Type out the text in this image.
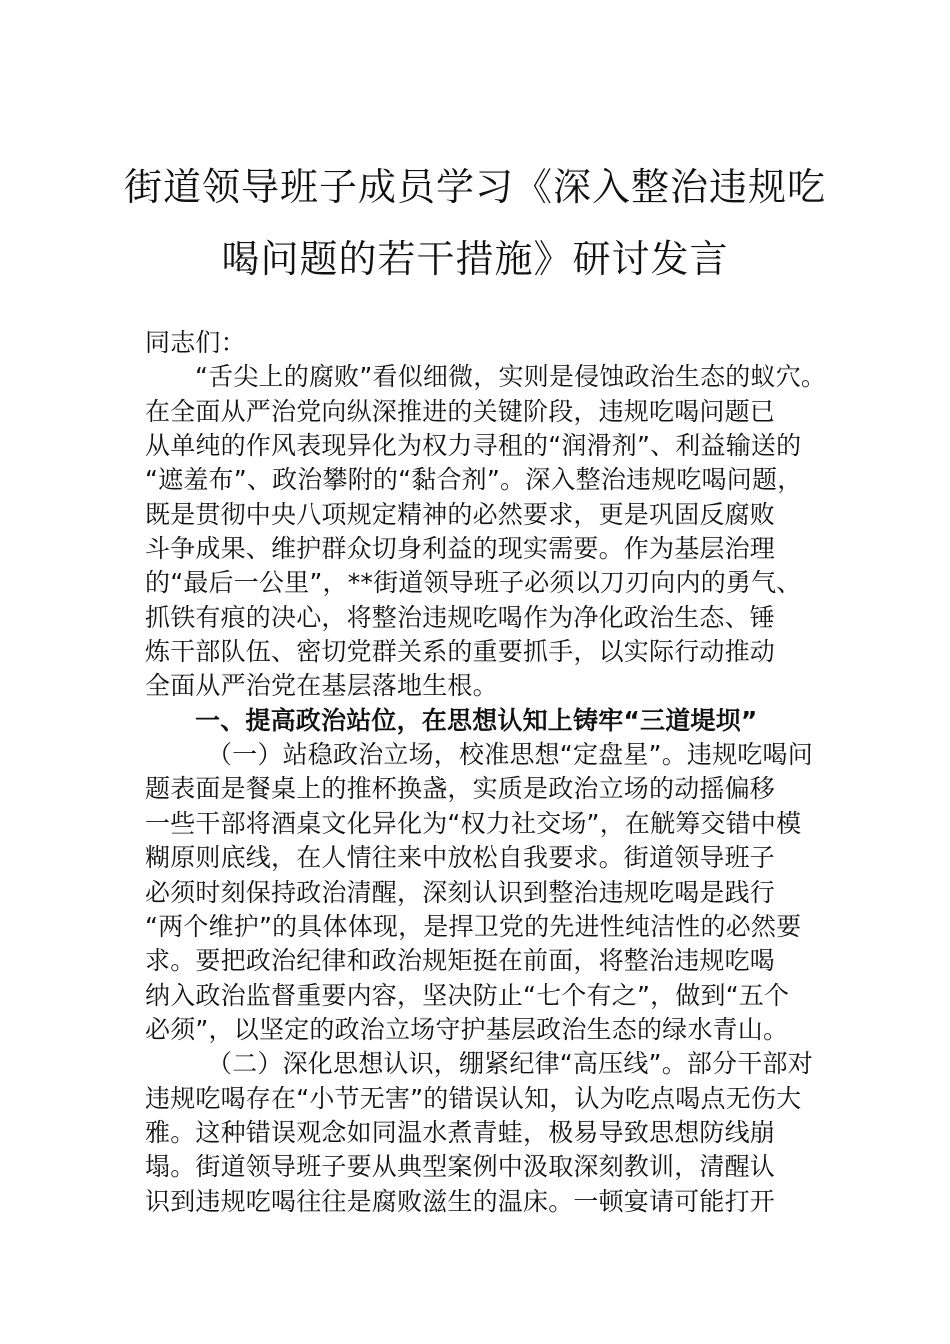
街道领导班子成员学习《深入整治违规吃
喝问题的若干措施》研讨发言
同志们：
“舌尖上的腐败”看似细微，实则是侵蚀政治生态的蚁穴。
在全面从严治党向纵深推进的关键阶段，违规吃喝问题已
从单纯的作风表现异化为权力寻租的“润滑剂”、利益输送的
“遮羞布”、政治攀附的“黏合剂”。深入整治违规吃喝问题，
既是贯彻中央八项规定精神的必然要求，更是巩固反腐败
斗争成果、维护群众切身利益的现实需要。作为基层治理
的“最后一公里”，**街道领导班子必须以刀刃向内的勇气、
抓铁有痕的决心，将整治违规吃喝作为净化政治生态、锤
炼干部队伍、密切党群关系的重要抓手，以实际行动推动
全面从严治党在基层落地生根。
一、提高政治站位，在思想认知上铸牢“三道堤坝”
（一）站稳政治立场，校准思想“定盘星”。违规吃喝问
题表面是餐桌上的推杯换盏，实质是政治立场的动摇偏移
一些干部将酒桌文化异化为“权力社交场”，在觥筹交错中模
糊原则底线，在人情往来中放松自我要求。街道领导班子
必须时刻保持政治清醒，深刻认识到整治违规吃喝是践行
“两个维护”的具体体现，是捍卫党的先进性纯洁性的必然要
求。要把政治纪律和政治规矩挺在前面，将整治违规吃喝
纳入政治监督重要内容，坚决防止“七个有之”，做到“五个
必须”，以坚定的政治立场守护基层政治生态的绿水青山。
（二）深化思想认识，绷紧纪律“高压线”。部分干部对
违规吃喝存在“小节无害”的错误认知，认为吃点喝点无伤大
雅。这种错误观念如同温水煮青蛙，极易导致思想防线崩
塌。街道领导班子要从典型案例中汲取深刻教训，清醒认
识到违规吃喝往往是腐败滋生的温床。一顿宴请可能打开
